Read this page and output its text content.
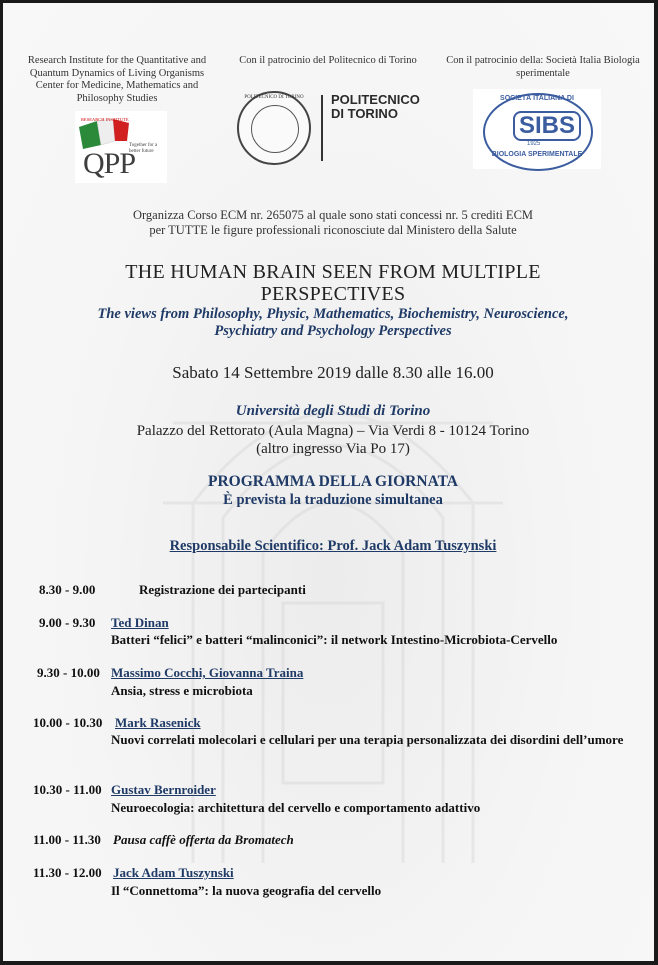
Research Institute for the Quantitative and Quantum Dynamics of Living Organisms Center for Medicine, Mathematics and Philosophy Studies
Con il patrocinio del Politecnico di Torino	Con il patrocinio della: Società Italia Biologia sperimentale
RESEARCH INSTITUTE
QPP
Together for a better future
POLITECNICO DI TORINO	POLITECNICO
DI TORINO
SOCIETÀ ITALIANA DI
SIBS
1925
BIOLOGIA SPERIMENTALE
Organizza Corso ECM nr. 265075 al quale sono stati concessi nr. 5 crediti ECM
per TUTTE le figure professionali riconosciute dal Ministero della Salute
THE HUMAN BRAIN SEEN FROM MULTIPLE
PERSPECTIVES
The views from Philosophy, Physic, Mathematics, Biochemistry, Neuroscience,
Psychiatry and Psychology Perspectives
Sabato 14 Settembre 2019 dalle 8.30 alle 16.00
Università degli Studi di Torino
Palazzo del Rettorato (Aula Magna) – Via Verdi 8 - 10124 Torino
(altro ingresso Via Po 17)
PROGRAMMA DELLA GIORNATA
È prevista la traduzione simultanea
Responsabile Scientifico: Prof. Jack Adam Tuszynski
8.30 - 9.00	Registrazione dei partecipanti
9.00 - 9.30 Ted Dinan
Batteri “felici” e batteri “malinconici”: il network Intestino-Microbiota-Cervello
9.30 - 10.00 Massimo Cocchi, Giovanna Traina
Ansia, stress e microbiota
10.00 - 10.30 Mark Rasenick
Nuovi correlati molecolari e cellulari per una terapia personalizzata dei disordini dell’umore
10.30 - 11.00 Gustav Bernroider
Neuroecologia: architettura del cervello e comportamento adattivo
11.00 - 11.30 Pausa caffè offerta da Bromatech
11.30 - 12.00 Jack Adam Tuszynski
Il “Connettoma”: la nuova geografia del cervello
